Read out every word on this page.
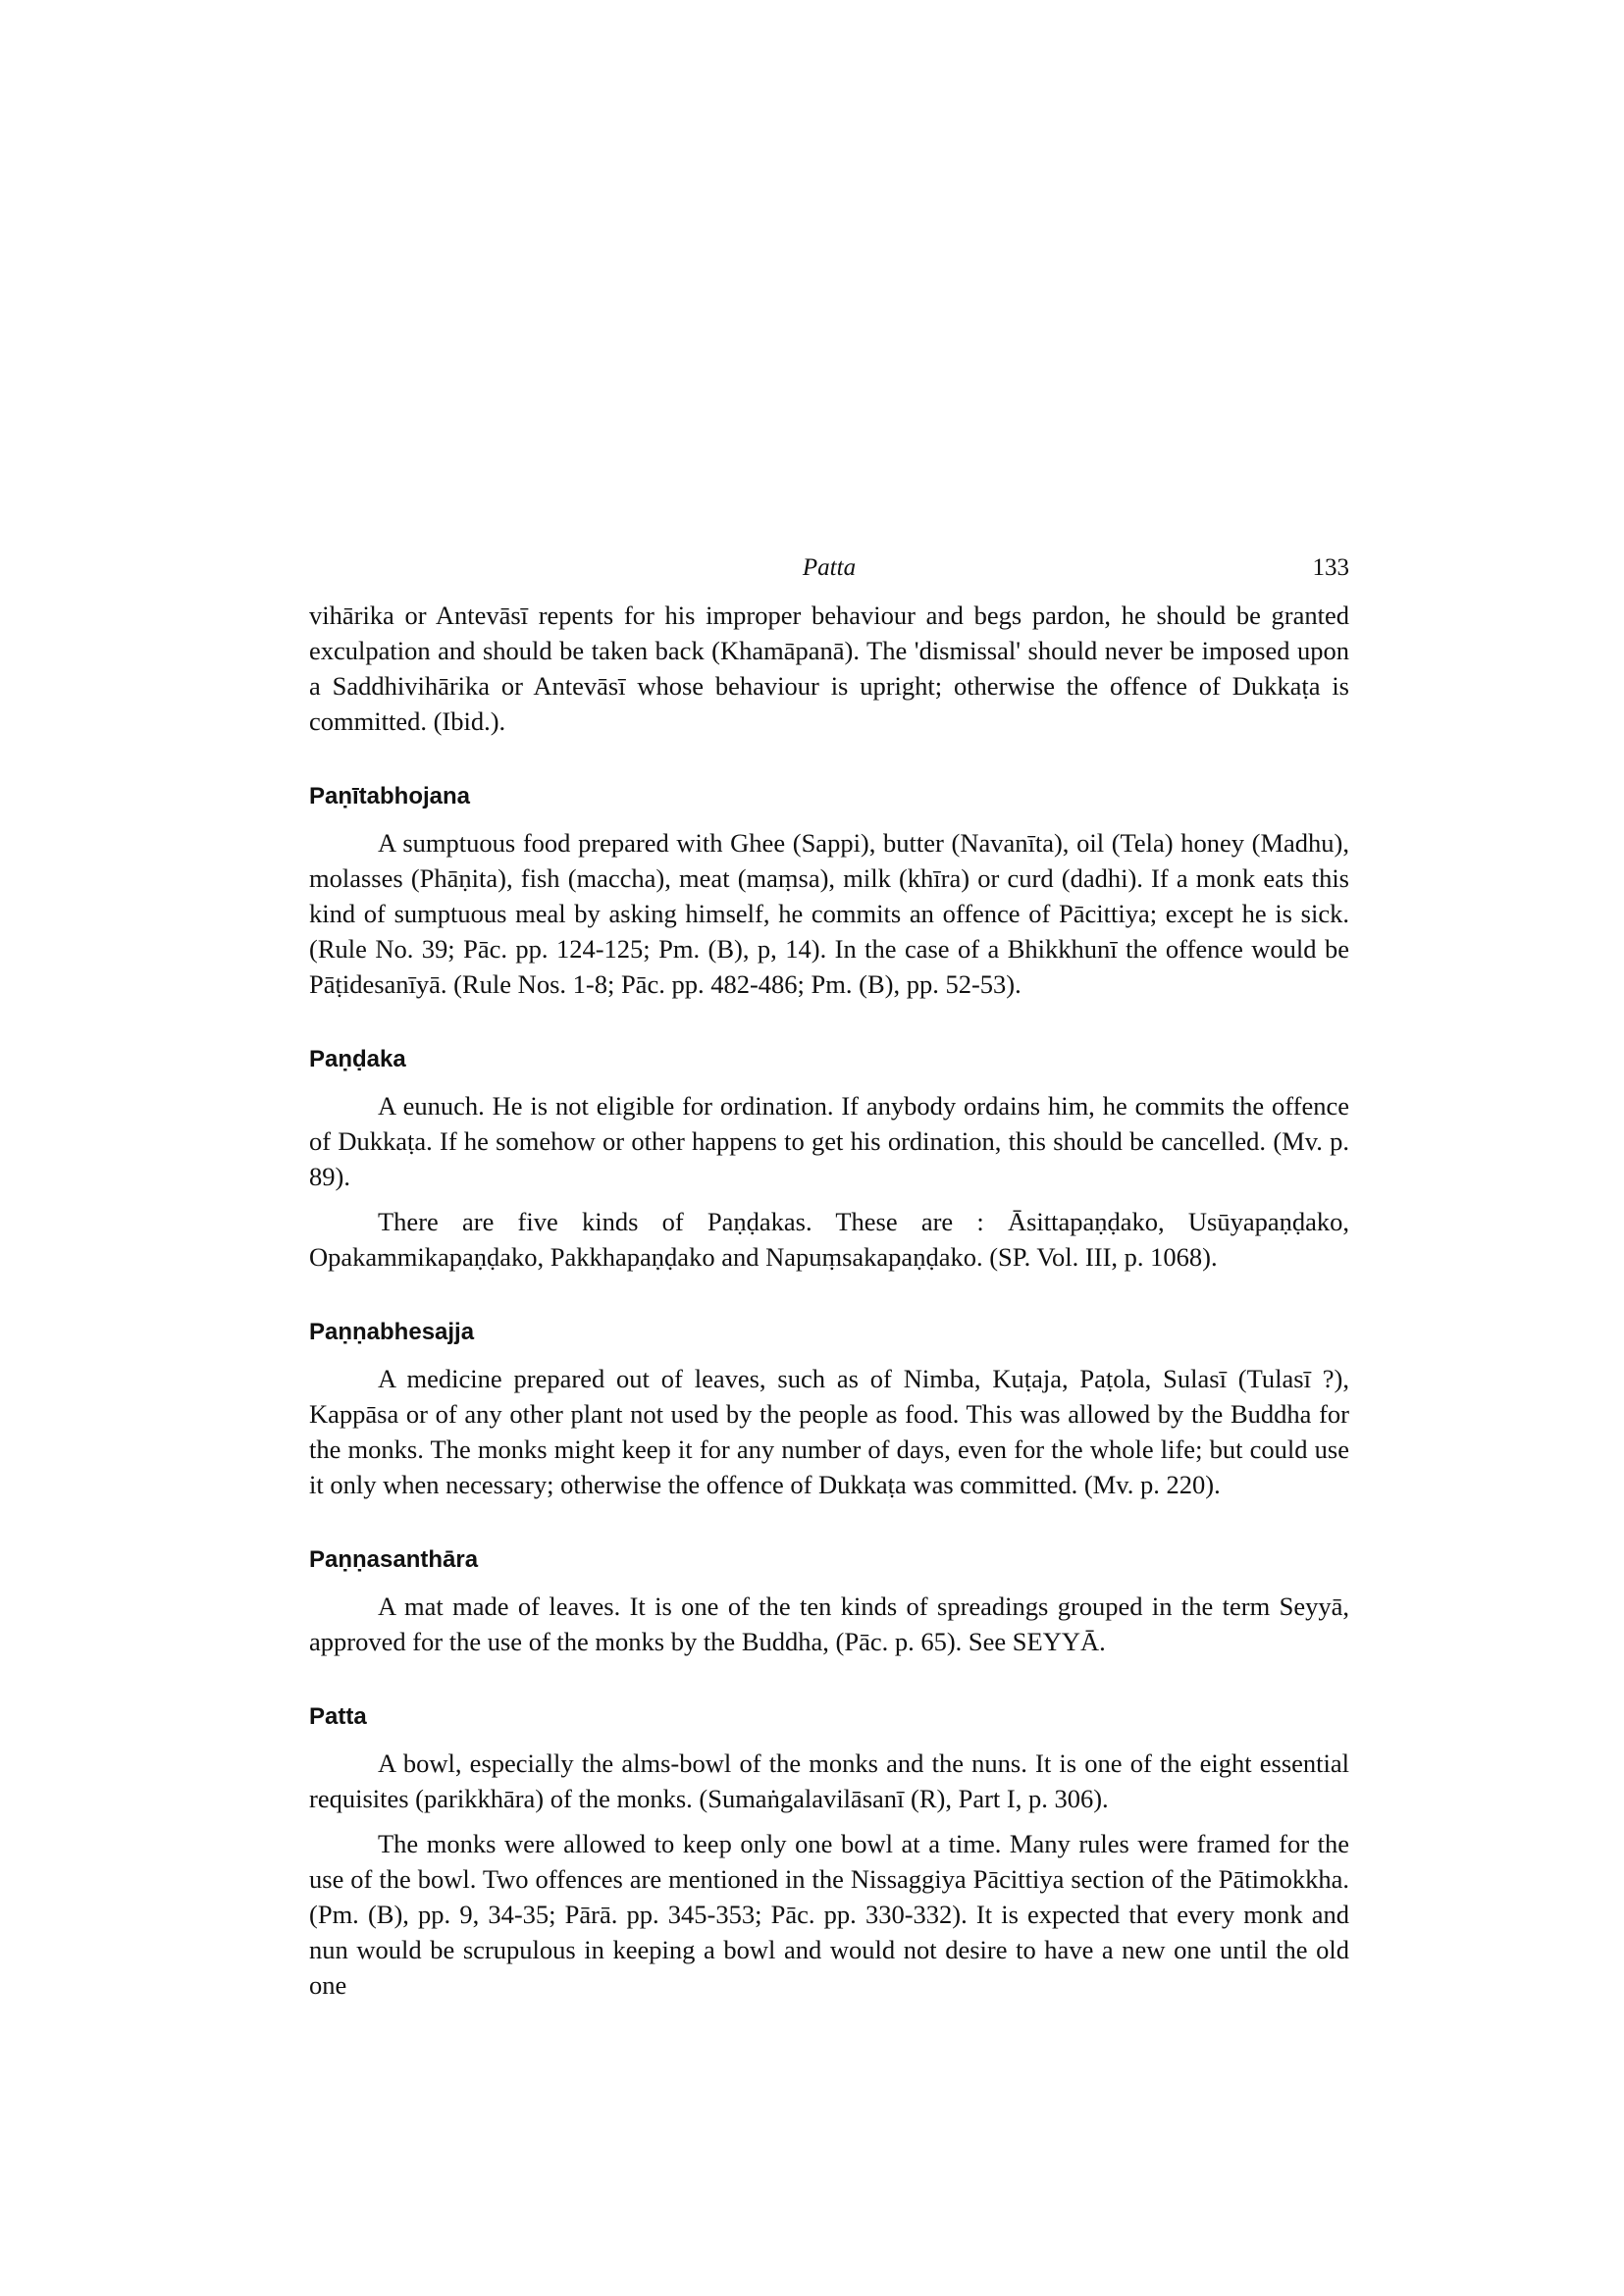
Patta	133

vihārika or Antevāsī repents for his improper behaviour and begs pardon, he should be granted exculpation and should be taken back (Khamāpanā). The 'dismissal' should never be imposed upon a Saddhivihārika or Antevāsī whose behaviour is upright; otherwise the offence of Dukkaṭa is committed. (Ibid.).

Paṇītabhojana

A sumptuous food prepared with Ghee (Sappi), butter (Navanīta), oil (Tela) honey (Madhu), molasses (Phāṇita), fish (maccha), meat (maṃsa), milk (khīra) or curd (dadhi). If a monk eats this kind of sumptuous meal by asking himself, he commits an offence of Pācittiya; except he is sick. (Rule No. 39; Pāc. pp. 124-125; Pm. (B), p, 14). In the case of a Bhikkhunī the offence would be Pāṭidesanīyā. (Rule Nos. 1-8; Pāc. pp. 482-486; Pm. (B), pp. 52-53).

Paṇḍaka

A eunuch. He is not eligible for ordination. If anybody ordains him, he commits the offence of Dukkaṭa. If he somehow or other happens to get his ordination, this should be cancelled. (Mv. p. 89).

There are five kinds of Paṇḍakas. These are : Āsittapaṇḍako, Usūyapaṇḍako, Opakammikapaṇḍako, Pakkhapaṇḍako and Napuṃsakapaṇḍako. (SP. Vol. III, p. 1068).

Paṇṇabhesajja

A medicine prepared out of leaves, such as of Nimba, Kuṭaja, Paṭola, Sulasī (Tulasī ?), Kappāsa or of any other plant not used by the people as food. This was allowed by the Buddha for the monks. The monks might keep it for any number of days, even for the whole life; but could use it only when necessary; otherwise the offence of Dukkaṭa was committed. (Mv. p. 220).

Paṇṇasanthāra

A mat made of leaves. It is one of the ten kinds of spreadings grouped in the term Seyyā, approved for the use of the monks by the Buddha, (Pāc. p. 65). See SEYYĀ.

Patta

A bowl, especially the alms-bowl of the monks and the nuns. It is one of the eight essential requisites (parikkhāra) of the monks. (Sumaṅgalavilāsanī (R), Part I, p. 306).

The monks were allowed to keep only one bowl at a time. Many rules were framed for the use of the bowl. Two offences are mentioned in the Nissaggiya Pācittiya section of the Pātimokkha. (Pm. (B), pp. 9, 34-35; Pārā. pp. 345-353; Pāc. pp. 330-332). It is expected that every monk and nun would be scrupulous in keeping a bowl and would not desire to have a new one until the old one
